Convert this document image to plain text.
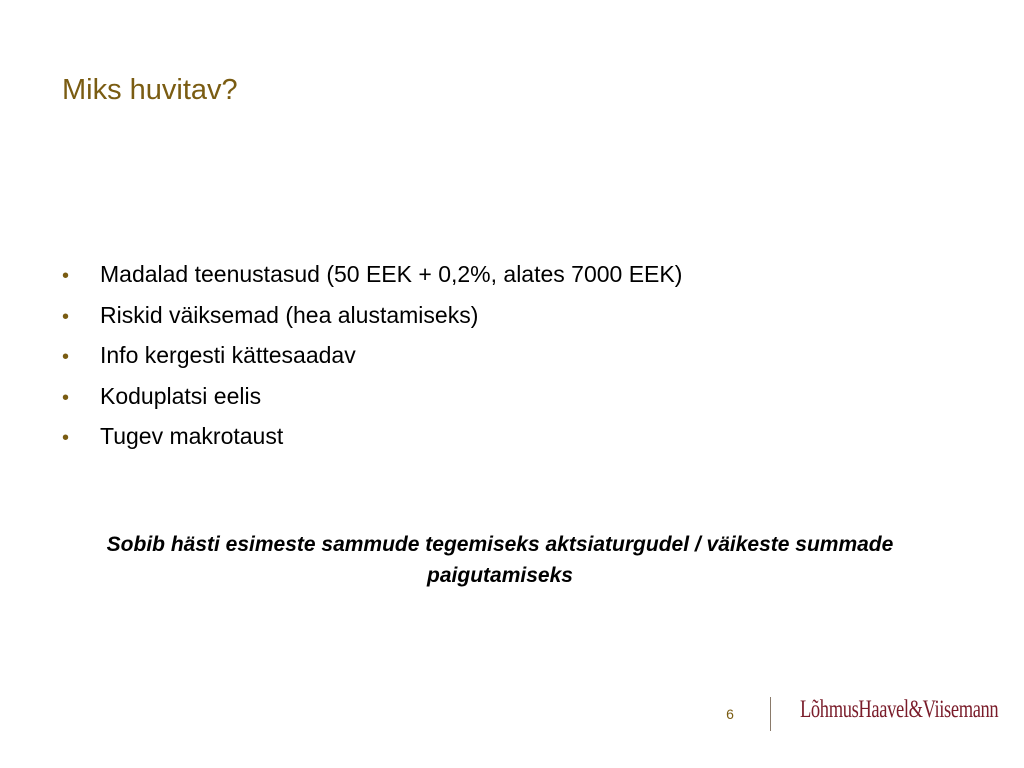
Miks huvitav?
•	Madalad teenustasud (50 EEK + 0,2%, alates 7000 EEK)
•	Riskid väiksemad (hea alustamiseks)
•	Info kergesti kättesaadav
•	Koduplatsi eelis
•	Tugev makrotaust

Sobib hästi esimeste sammude tegemiseks aktsiaturgudel / väikeste summade paigutamiseks

6	LõhmusHaavel&Viisemann
